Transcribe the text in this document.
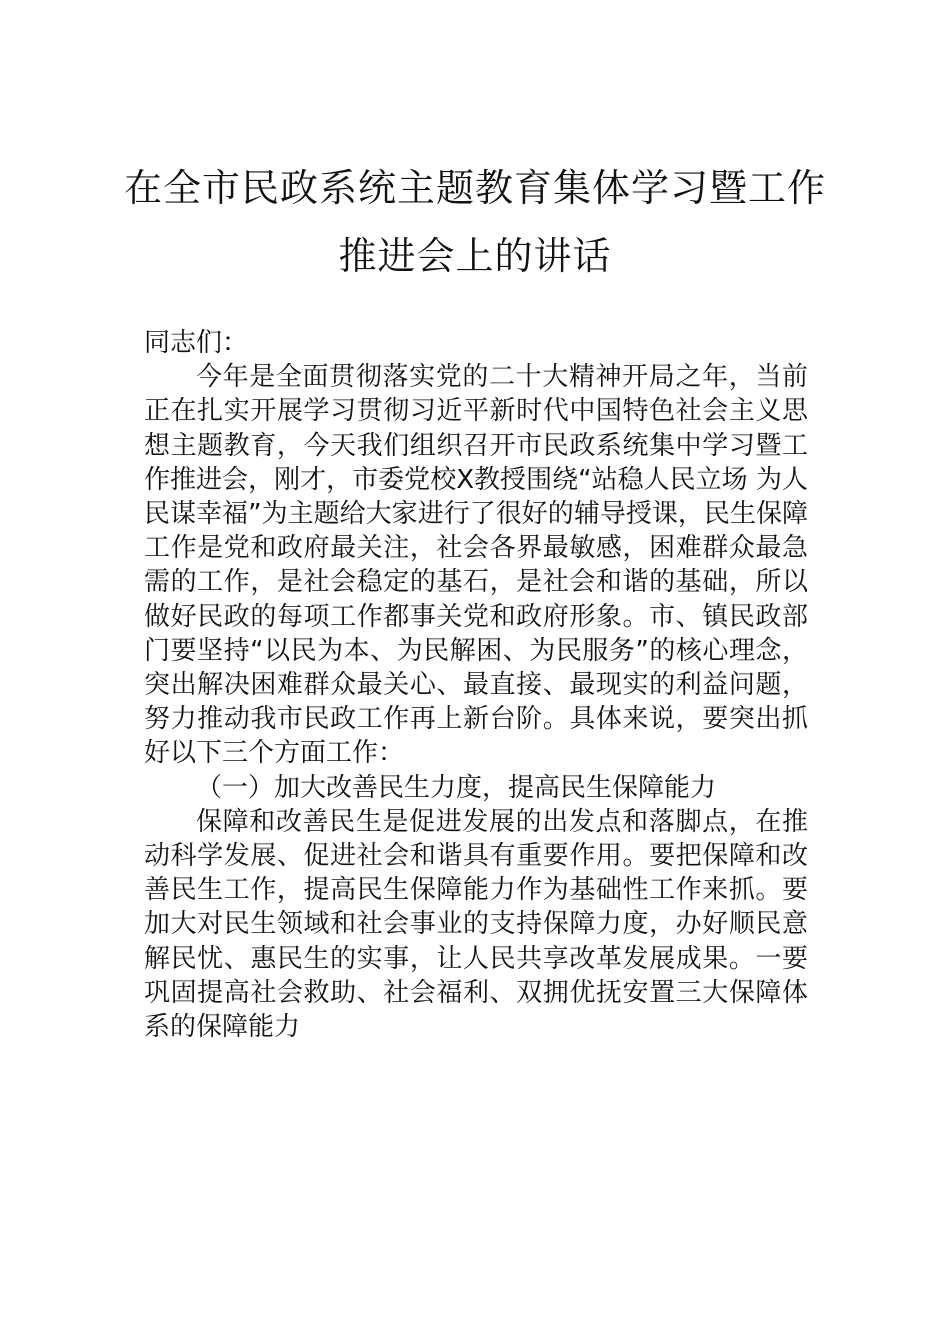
在全市民政系统主题教育集体学习暨工作
推进会上的讲话

同志们：

今年是全面贯彻落实党的二十大精神开局之年，当前正在扎实开展学习贯彻习近平新时代中国特色社会主义思想主题教育，今天我们组织召开市民政系统集中学习暨工作推进会，刚才，市委党校X教授围绕“站稳人民立场 为人民谋幸福”为主题给大家进行了很好的辅导授课，民生保障工作是党和政府最关注，社会各界最敏感，困难群众最急需的工作，是社会稳定的基石，是社会和谐的基础，所以做好民政的每项工作都事关党和政府形象。市、镇民政部门要坚持“以民为本、为民解困、为民服务”的核心理念，突出解决困难群众最关心、最直接、最现实的利益问题，努力推动我市民政工作再上新台阶。具体来说，要突出抓好以下三个方面工作：

（一）加大改善民生力度，提高民生保障能力

保障和改善民生是促进发展的出发点和落脚点，在推动科学发展、促进社会和谐具有重要作用。要把保障和改善民生工作，提高民生保障能力作为基础性工作来抓。要加大对民生领域和社会事业的支持保障力度，办好顺民意解民忧、惠民生的实事，让人民共享改革发展成果。一要巩固提高社会救助、社会福利、双拥优抚安置三大保障体系的保障能力
